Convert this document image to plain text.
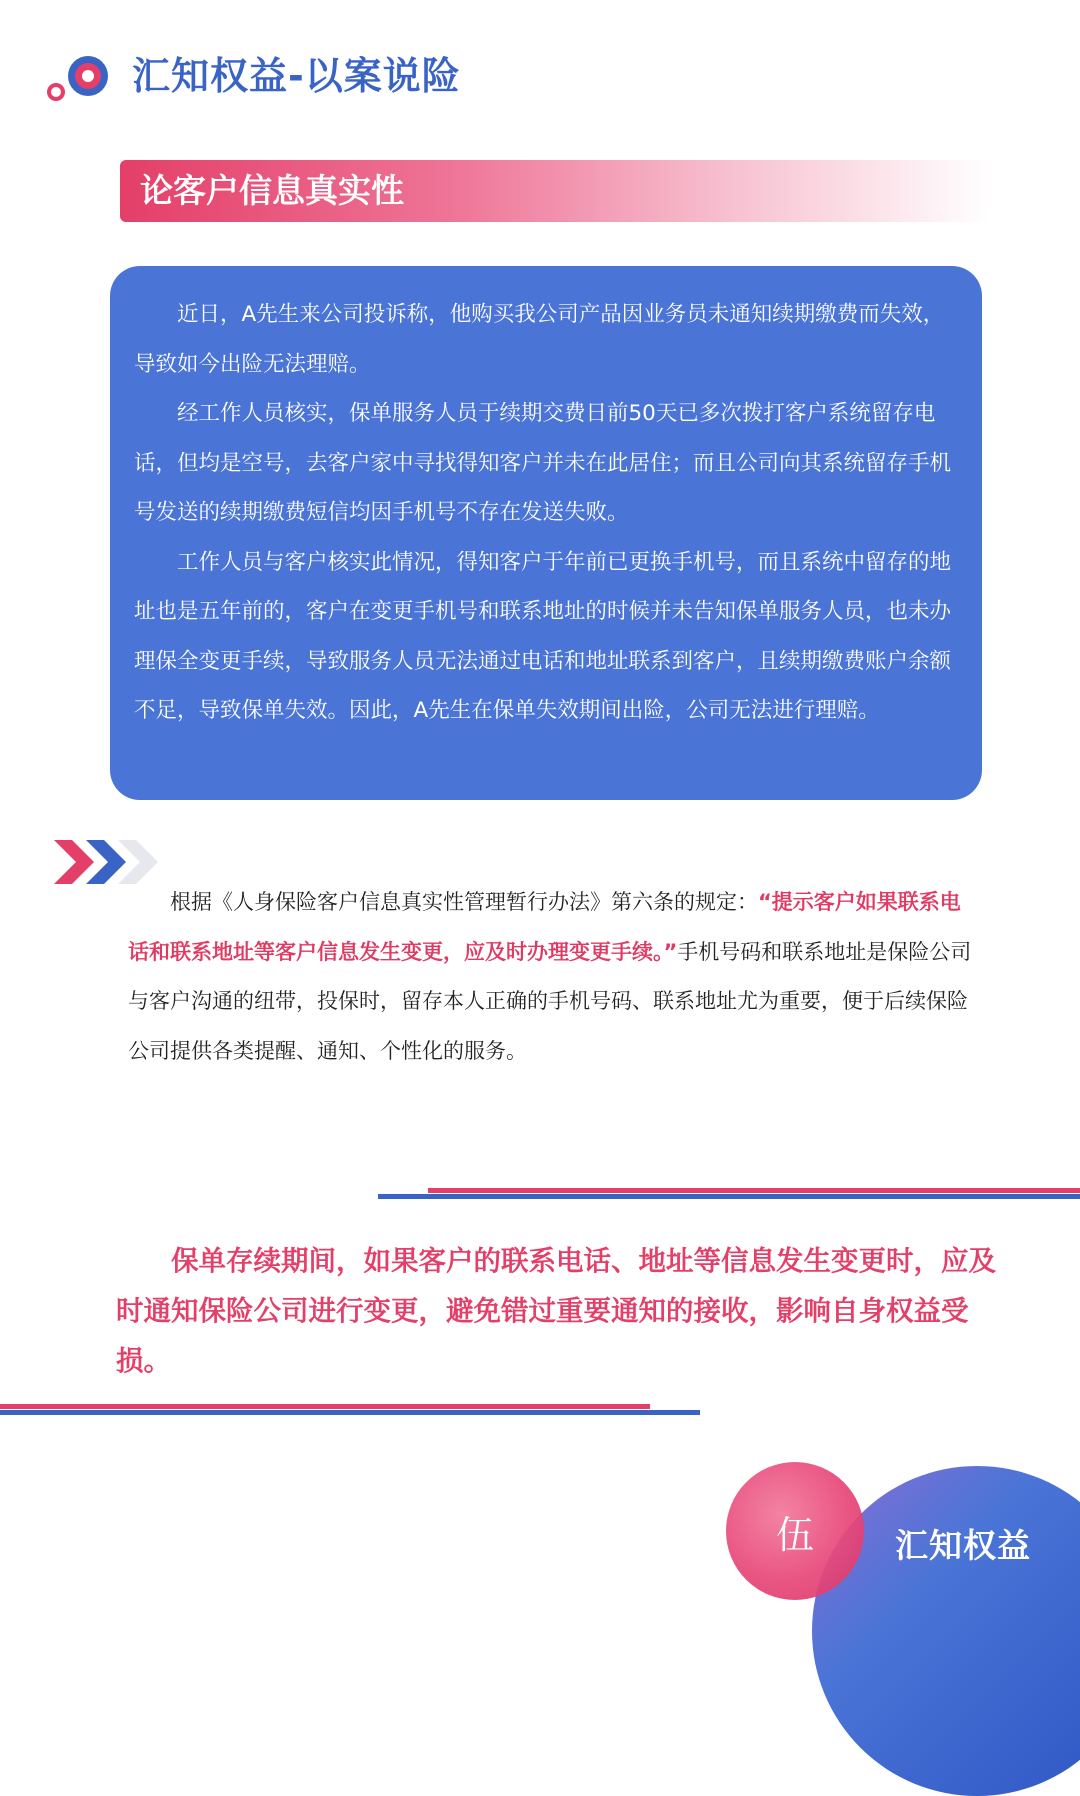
汇知权益-以案说险
论客户信息真实性

近日，A先生来公司投诉称，他购买我公司产品因业务员未通知续期缴费而失效，导致如今出险无法理赔。

经工作人员核实，保单服务人员于续期交费日前50天已多次拨打客户系统留存电话，但均是空号，去客户家中寻找得知客户并未在此居住；而且公司向其系统留存手机号发送的续期缴费短信均因手机号不存在发送失败。

工作人员与客户核实此情况，得知客户于年前已更换手机号，而且系统中留存的地址也是五年前的，客户在变更手机号和联系地址的时候并未告知保单服务人员，也未办理保全变更手续，导致服务人员无法通过电话和地址联系到客户，且续期缴费账户余额不足，导致保单失效。因此，A先生在保单失效期间出险，公司无法进行理赔。

根据《人身保险客户信息真实性管理暂行办法》第六条的规定：“提示客户如果联系电话和联系地址等客户信息发生变更，应及时办理变更手续。”手机号码和联系地址是保险公司与客户沟通的纽带，投保时，留存本人正确的手机号码、联系地址尤为重要，便于后续保险公司提供各类提醒、通知、个性化的服务。

保单存续期间，如果客户的联系电话、地址等信息发生变更时，应及时通知保险公司进行变更，避免错过重要通知的接收，影响自身权益受损。

伍	汇知权益
